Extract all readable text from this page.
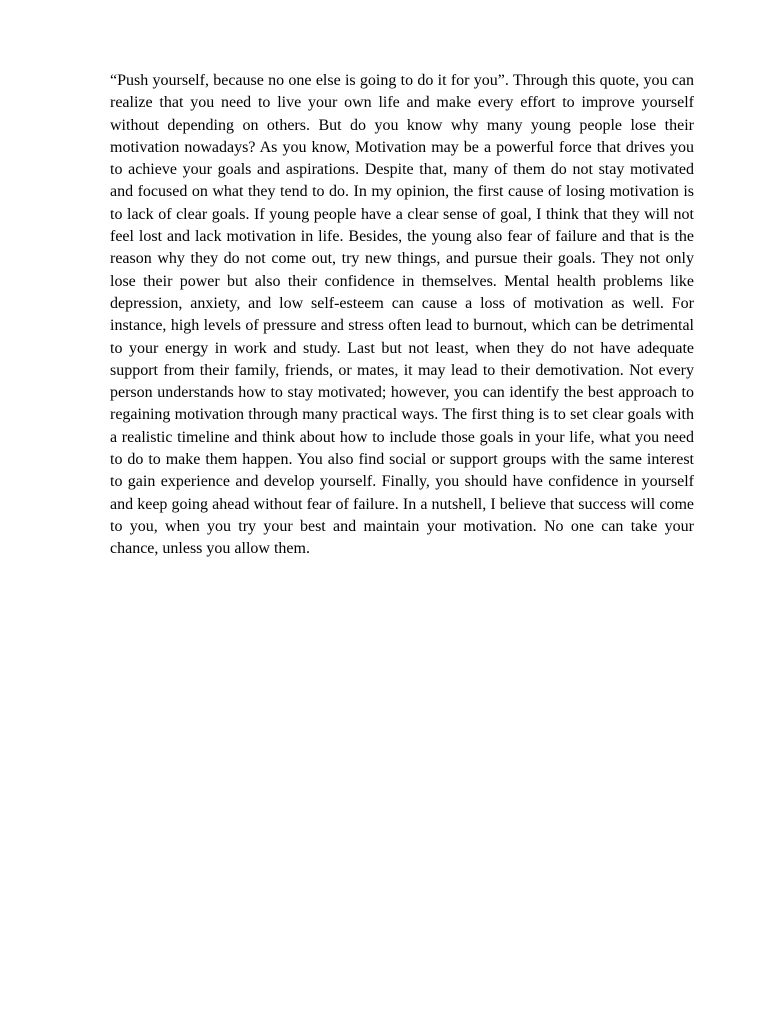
“Push yourself, because no one else is going to do it for you”. Through this quote, you can realize that you need to live your own life and make every effort to improve yourself without depending on others. But do you know why many young people lose their motivation nowadays? As you know, Motivation may be a powerful force that drives you to achieve your goals and aspirations. Despite that, many of them do not stay motivated and focused on what they tend to do. In my opinion, the first cause of losing motivation is to lack of clear goals. If young people have a clear sense of goal, I think that they will not feel lost and lack motivation in life. Besides, the young also fear of failure and that is the reason why they do not come out, try new things, and pursue their goals. They not only lose their power but also their confidence in themselves. Mental health problems like depression, anxiety, and low self-esteem can cause a loss of motivation as well. For instance, high levels of pressure and stress often lead to burnout, which can be detrimental to your energy in work and study. Last but not least, when they do not have adequate support from their family, friends, or mates, it may lead to their demotivation. Not every person understands how to stay motivated; however, you can identify the best approach to regaining motivation through many practical ways. The first thing is to set clear goals with a realistic timeline and think about how to include those goals in your life, what you need to do to make them happen. You also find social or support groups with the same interest to gain experience and develop yourself. Finally, you should have confidence in yourself and keep going ahead without fear of failure. In a nutshell, I believe that success will come to you, when you try your best and maintain your motivation. No one can take your chance, unless you allow them.
